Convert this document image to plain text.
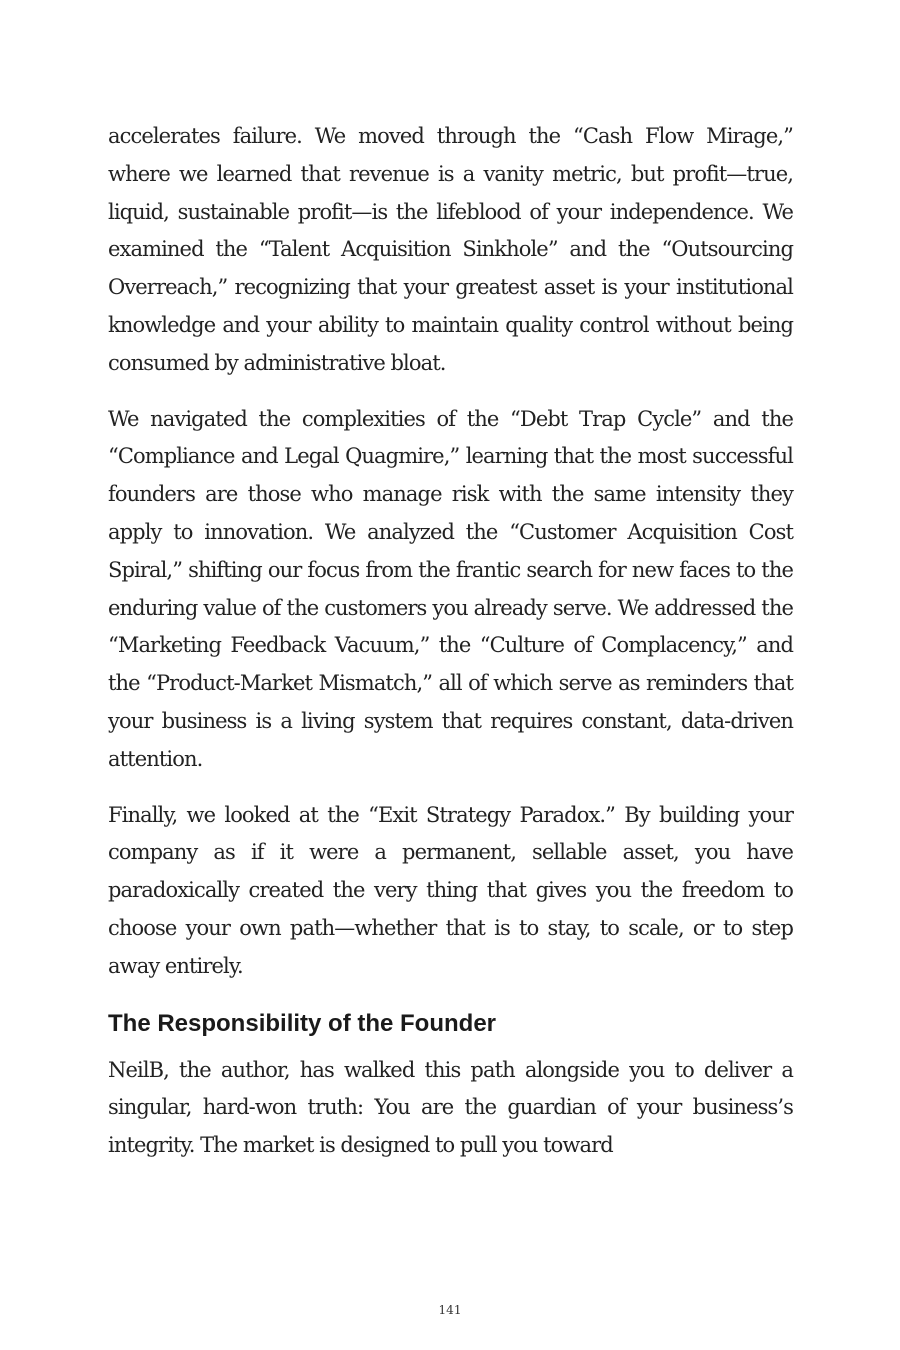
accelerates failure. We moved through the “Cash Flow Mirage,” where we learned that revenue is a vanity metric, but profit—true, liquid, sustainable profit—is the lifeblood of your independence. We examined the “Talent Acquisition Sinkhole” and the “Outsourcing Overreach,” recognizing that your greatest asset is your institutional knowledge and your ability to maintain quality control without being consumed by administrative bloat.

We navigated the complexities of the “Debt Trap Cycle” and the “Compliance and Legal Quagmire,” learning that the most successful founders are those who manage risk with the same intensity they apply to innovation. We analyzed the “Customer Acquisition Cost Spiral,” shifting our focus from the frantic search for new faces to the enduring value of the customers you already serve. We addressed the “Marketing Feedback Vacuum,” the “Culture of Complacency,” and the “Product-Market Mismatch,” all of which serve as reminders that your business is a living system that requires constant, data-driven attention.

Finally, we looked at the “Exit Strategy Paradox.” By building your company as if it were a permanent, sellable asset, you have paradoxically created the very thing that gives you the freedom to choose your own path—whether that is to stay, to scale, or to step away entirely.

The Responsibility of the Founder

NeilB, the author, has walked this path alongside you to deliver a singular, hard-won truth: You are the guardian of your business’s integrity. The market is designed to pull you toward

141
